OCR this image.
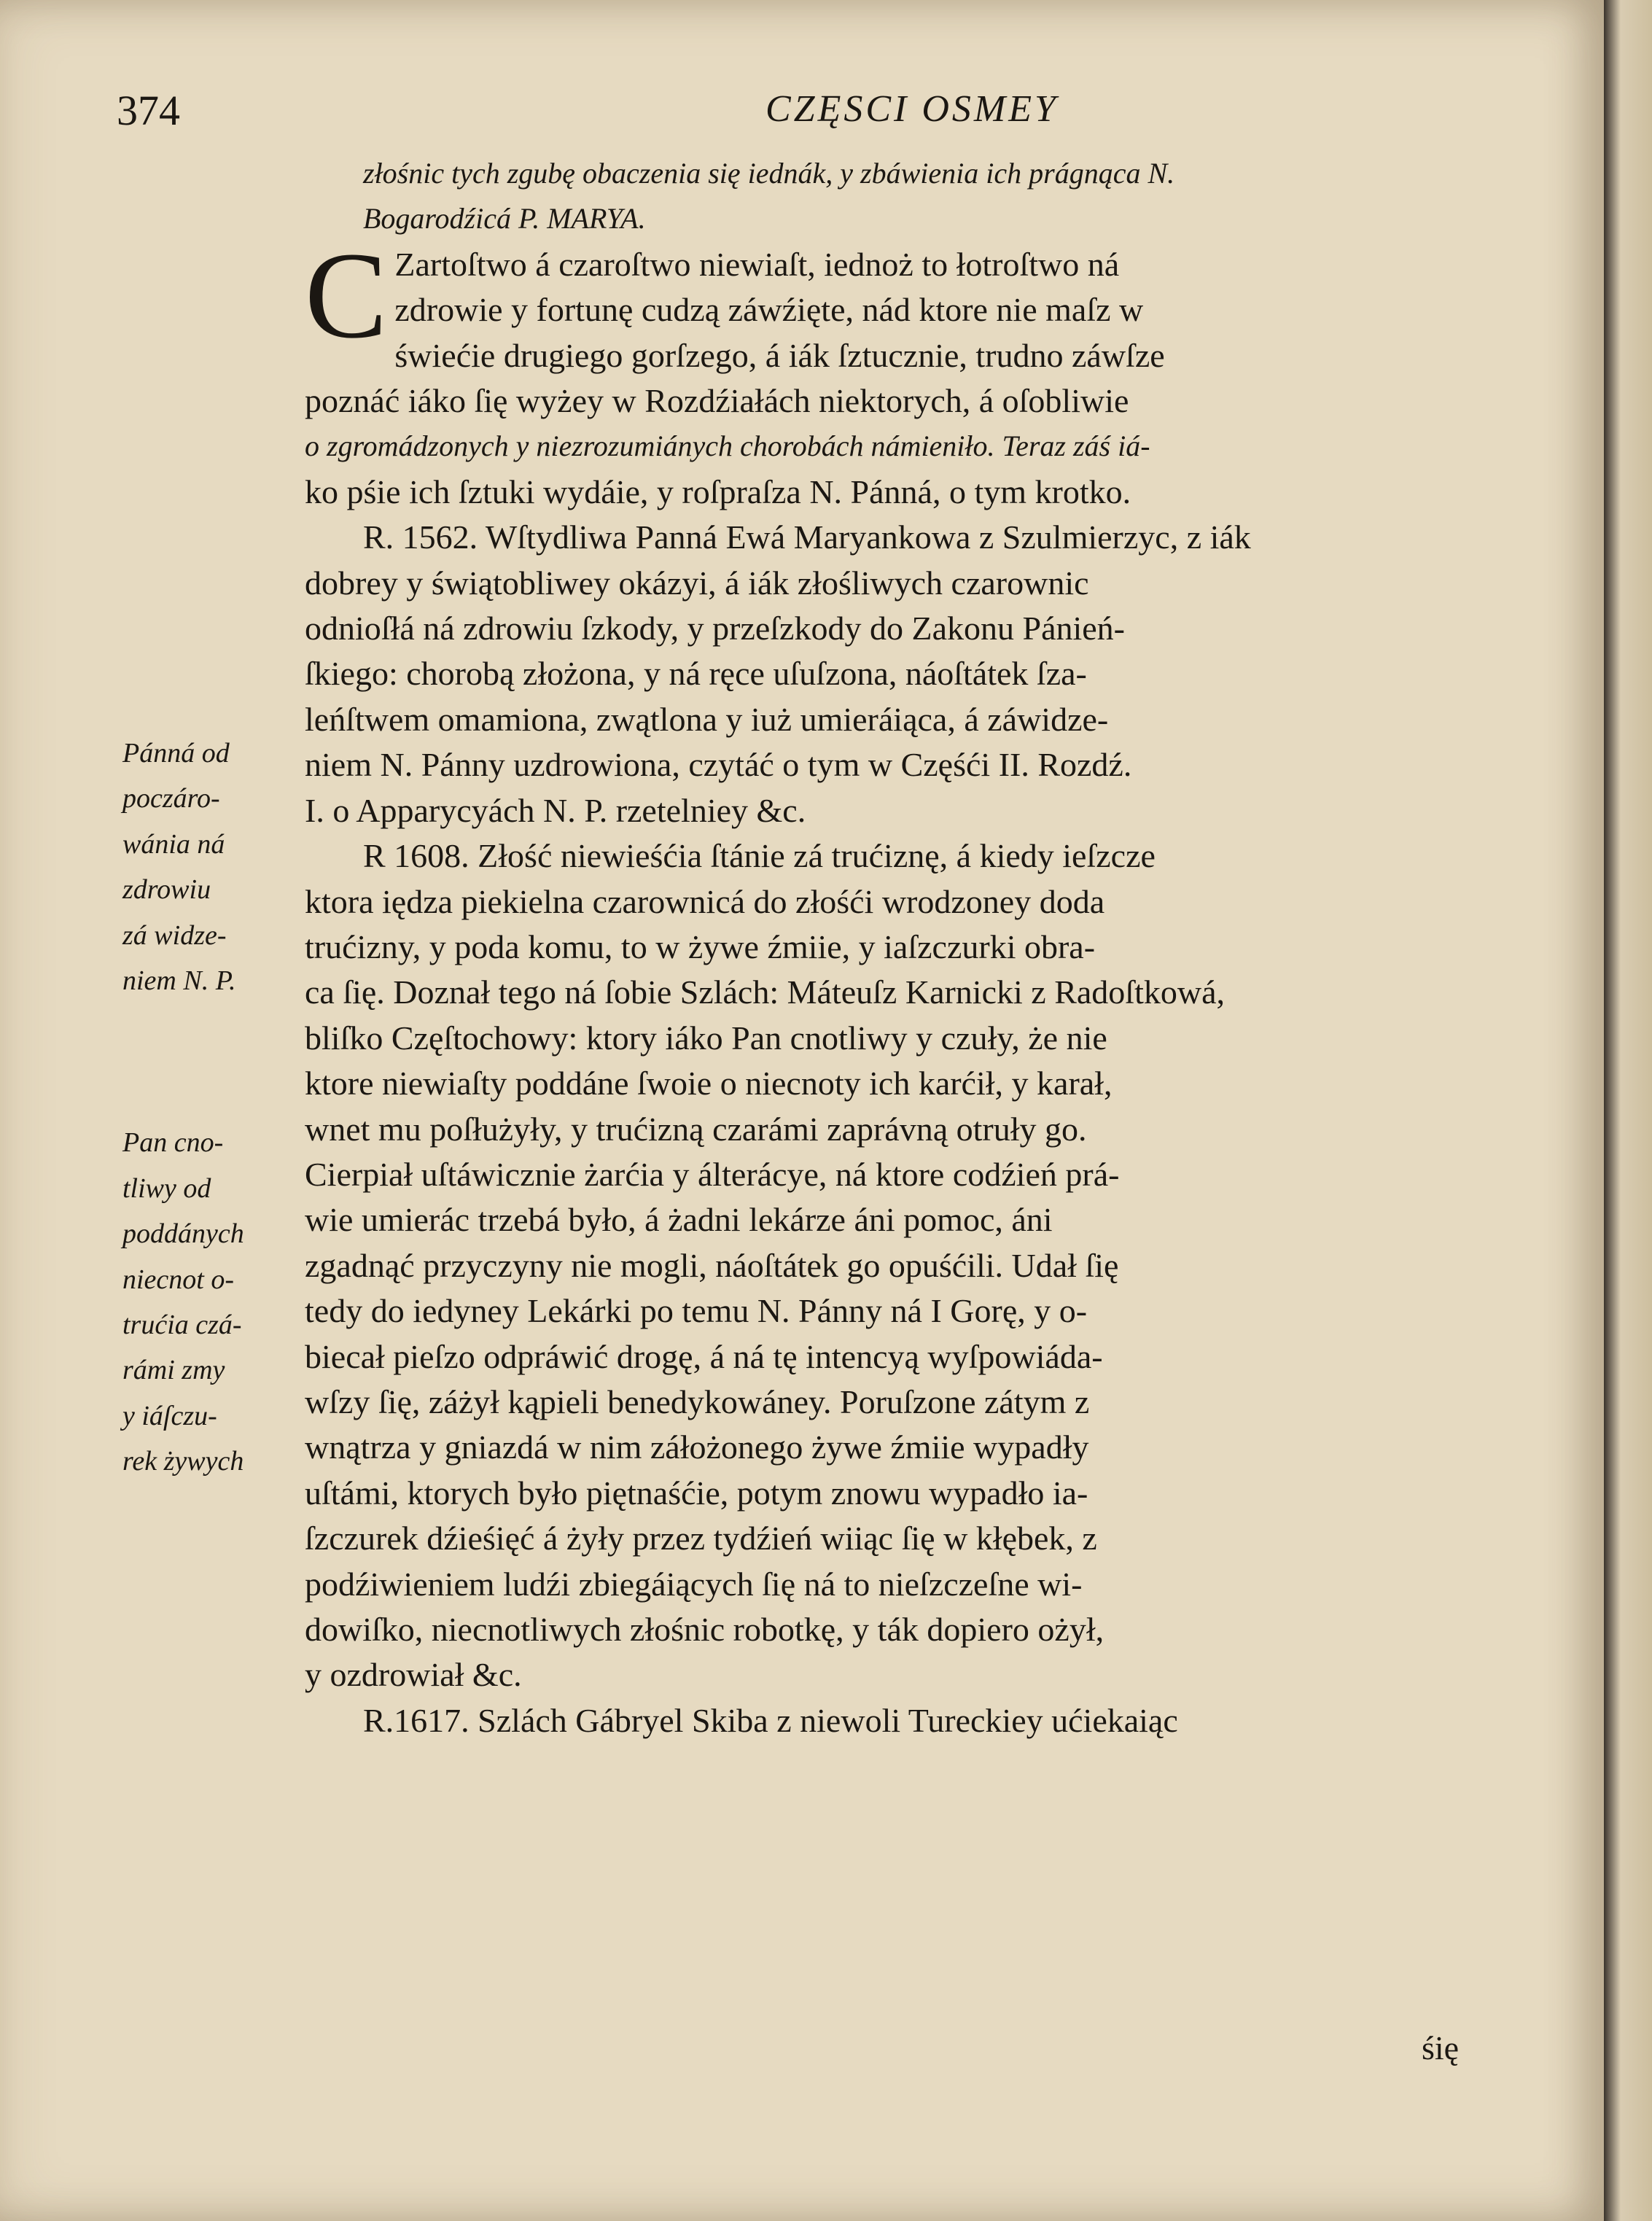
374	CZĘSCI OSMEY
złośnic tych zgubę obaczenia się iednák, y zbáwienia ich prágnąca N.
Bogarodźicá P. MARYA.
C Zartoſtwo á czaroſtwo niewiaſt, iednoż to łotroſtwo ná
zdrowie y fortunę cudzą záwźięte, nád ktore nie maſz w
świećie drugiego gorſzego, á iák ſztucznie, trudno záwſze
poznáć iáko ſię wyżey w Rozdźiałách niektorych, á oſobliwie
o zgromádzonych y niezrozumiánych chorobách námieniło. Teraz záś iá-
ko pśie ich ſztuki wydáie, y roſpraſza N. Pánná, o tym krotko.
R. 1562. Wſtydliwa Panná Ewá Maryankowa z Szulmierzyc, z iák
dobrey y świątobliwey okázyi, á iák złośliwych czarownic
odnioſłá ná zdrowiu ſzkody, y przeſzkody do Zakonu Pánień-
ſkiego: chorobą złożona, y ná ręce uſuſzona, náoſtátek ſza-
leńſtwem omamiona, zwątlona y iuż umieráiąca, á záwidze-
niem N. Pánny uzdrowiona, czytáć o tym w Częśći II. Rozdź.
I. o Apparycyách N. P. rzetelniey &c.
R 1608. Złość niewieśćia ſtánie zá trućiznę, á kiedy ieſzcze
ktora iędza piekielna czarownicá do złośći wrodzoney doda
trućizny, y poda komu, to w żywe źmiie, y iaſzczurki obra-
ca ſię. Doznał tego ná ſobie Szlách: Máteuſz Karnicki z Radoſtkowá,
bliſko Częſtochowy: ktory iáko Pan cnotliwy y czuły, że nie
ktore niewiaſty poddáne ſwoie o niecnoty ich karćił, y karał,
wnet mu poſłużyły, y trućizną czarámi zaprávną otruły go.
Cierpiał uſtáwicznie żarćia y álterácye, ná ktore codźień prá-
wie umierác trzebá było, á żadni lekárze áni pomoc, áni
zgadnąć przyczyny nie mogli, náoſtátek go opuśćili. Udał ſię
tedy do iedyney Lekárki po temu N. Pánny ná I Gorę, y o-
biecał pieſzo odpráwić drogę, á ná tę intencyą wyſpowiáda-
wſzy ſię, záżył kąpieli benedykowáney. Poruſzone zátym z
wnątrza y gniazdá w nim záłożonego żywe źmiie wypadły
uſtámi, ktorych było piętnaśćie, potym znowu wypadło ia-
ſzczurek dźieśięć á żyły przez tydźień wiiąc ſię w kłębek, z
podźiwieniem ludźi zbiegáiących ſię ná to nieſzczeſne wi-
dowiſko, niecnotliwych złośnic robotkę, y ták dopiero ożył,
y ozdrowiał &c.
R.1617. Szlách Gábryel Skiba z niewoli Tureckiey ućiekaiąc
Pánná od
poczáro-
wánia ná
zdrowiu
zá widze-
niem N. P.
Pan cno-
tliwy od
poddánych
niecnot o-
trućia czá-
rámi zmy
y iáſczu-
rek żywych
śię
